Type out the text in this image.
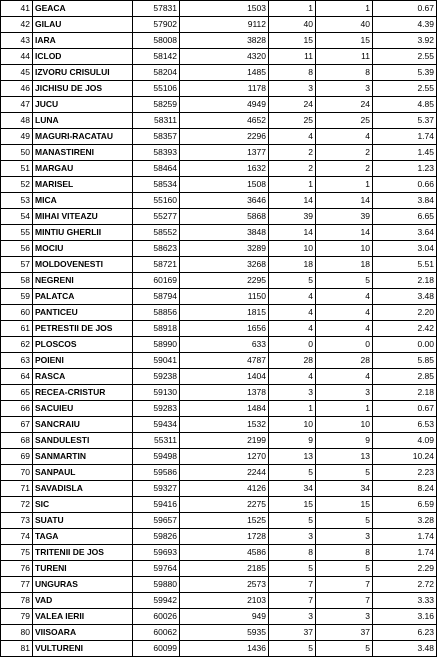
41	GEACA	57831	1503	1	1	0.67
42	GILAU	57902	9112	40	40	4.39
43	IARA	58008	3828	15	15	3.92
44	ICLOD	58142	4320	11	11	2.55
45	IZVORU CRISULUI	58204	1485	8	8	5.39
46	JICHISU DE JOS	55106	1178	3	3	2.55
47	JUCU	58259	4949	24	24	4.85
48	LUNA	58311	4652	25	25	5.37
49	MAGURI-RACATAU	58357	2296	4	4	1.74
50	MANASTIRENI	58393	1377	2	2	1.45
51	MARGAU	58464	1632	2	2	1.23
52	MARISEL	58534	1508	1	1	0.66
53	MICA	55160	3646	14	14	3.84
54	MIHAI VITEAZU	55277	5868	39	39	6.65
55	MINTIU GHERLII	58552	3848	14	14	3.64
56	MOCIU	58623	3289	10	10	3.04
57	MOLDOVENESTI	58721	3268	18	18	5.51
58	NEGRENI	60169	2295	5	5	2.18
59	PALATCA	58794	1150	4	4	3.48
60	PANTICEU	58856	1815	4	4	2.20
61	PETRESTII DE JOS	58918	1656	4	4	2.42
62	PLOSCOS	58990	633	0	0	0.00
63	POIENI	59041	4787	28	28	5.85
64	RASCA	59238	1404	4	4	2.85
65	RECEA-CRISTUR	59130	1378	3	3	2.18
66	SACUIEU	59283	1484	1	1	0.67
67	SANCRAIU	59434	1532	10	10	6.53
68	SANDULESTI	55311	2199	9	9	4.09
69	SANMARTIN	59498	1270	13	13	10.24
70	SANPAUL	59586	2244	5	5	2.23
71	SAVADISLA	59327	4126	34	34	8.24
72	SIC	59416	2275	15	15	6.59
73	SUATU	59657	1525	5	5	3.28
74	TAGA	59826	1728	3	3	1.74
75	TRITENII DE JOS	59693	4586	8	8	1.74
76	TURENI	59764	2185	5	5	2.29
77	UNGURAS	59880	2573	7	7	2.72
78	VAD	59942	2103	7	7	3.33
79	VALEA IERII	60026	949	3	3	3.16
80	VIISOARA	60062	5935	37	37	6.23
81	VULTURENI	60099	1436	5	5	3.48
